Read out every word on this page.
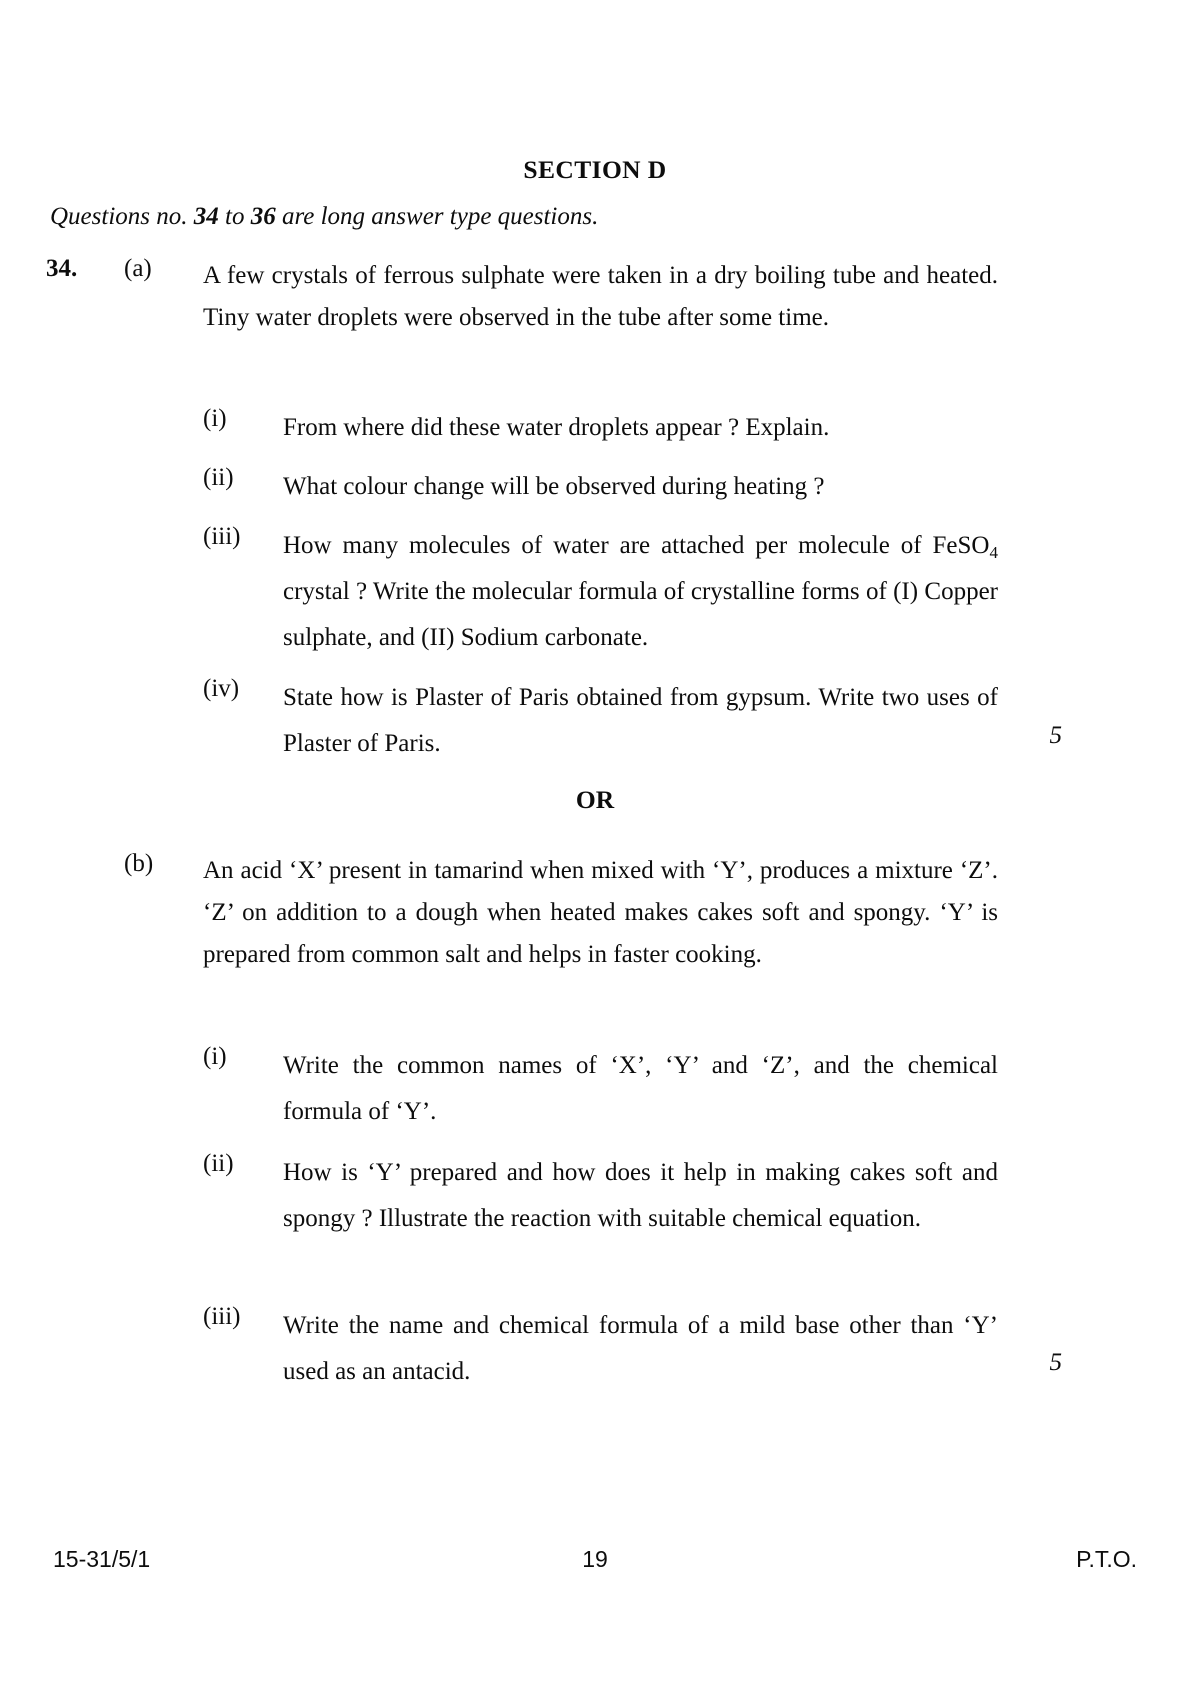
SECTION D
Questions no. 34 to 36 are long answer type questions.
34. (a) A few crystals of ferrous sulphate were taken in a dry boiling tube and heated. Tiny water droplets were observed in the tube after some time.

(i)	From where did these water droplets appear ? Explain.
(ii)	What colour change will be observed during heating ?
(iii)	How many molecules of water are attached per molecule of FeSO$_4$ crystal ? Write the molecular formula of crystalline forms of (I) Copper sulphate, and (II) Sodium carbonate.
(iv)	State how is Plaster of Paris obtained from gypsum. Write two uses of Plaster of Paris.	5
OR
(b) An acid ‘X’ present in tamarind when mixed with ‘Y’, produces a mixture ‘Z’. ‘Z’ on addition to a dough when heated makes cakes soft and spongy. ‘Y’ is prepared from common salt and helps in faster cooking.

(i)	Write the common names of ‘X’, ‘Y’ and ‘Z’, and the chemical formula of ‘Y’.
(ii)	How is ‘Y’ prepared and how does it help in making cakes soft and spongy ? Illustrate the reaction with suitable chemical equation.
(iii)	Write the name and chemical formula of a mild base other than ‘Y’ used as an antacid.	5
15-31/5/1	19	P.T.O.
